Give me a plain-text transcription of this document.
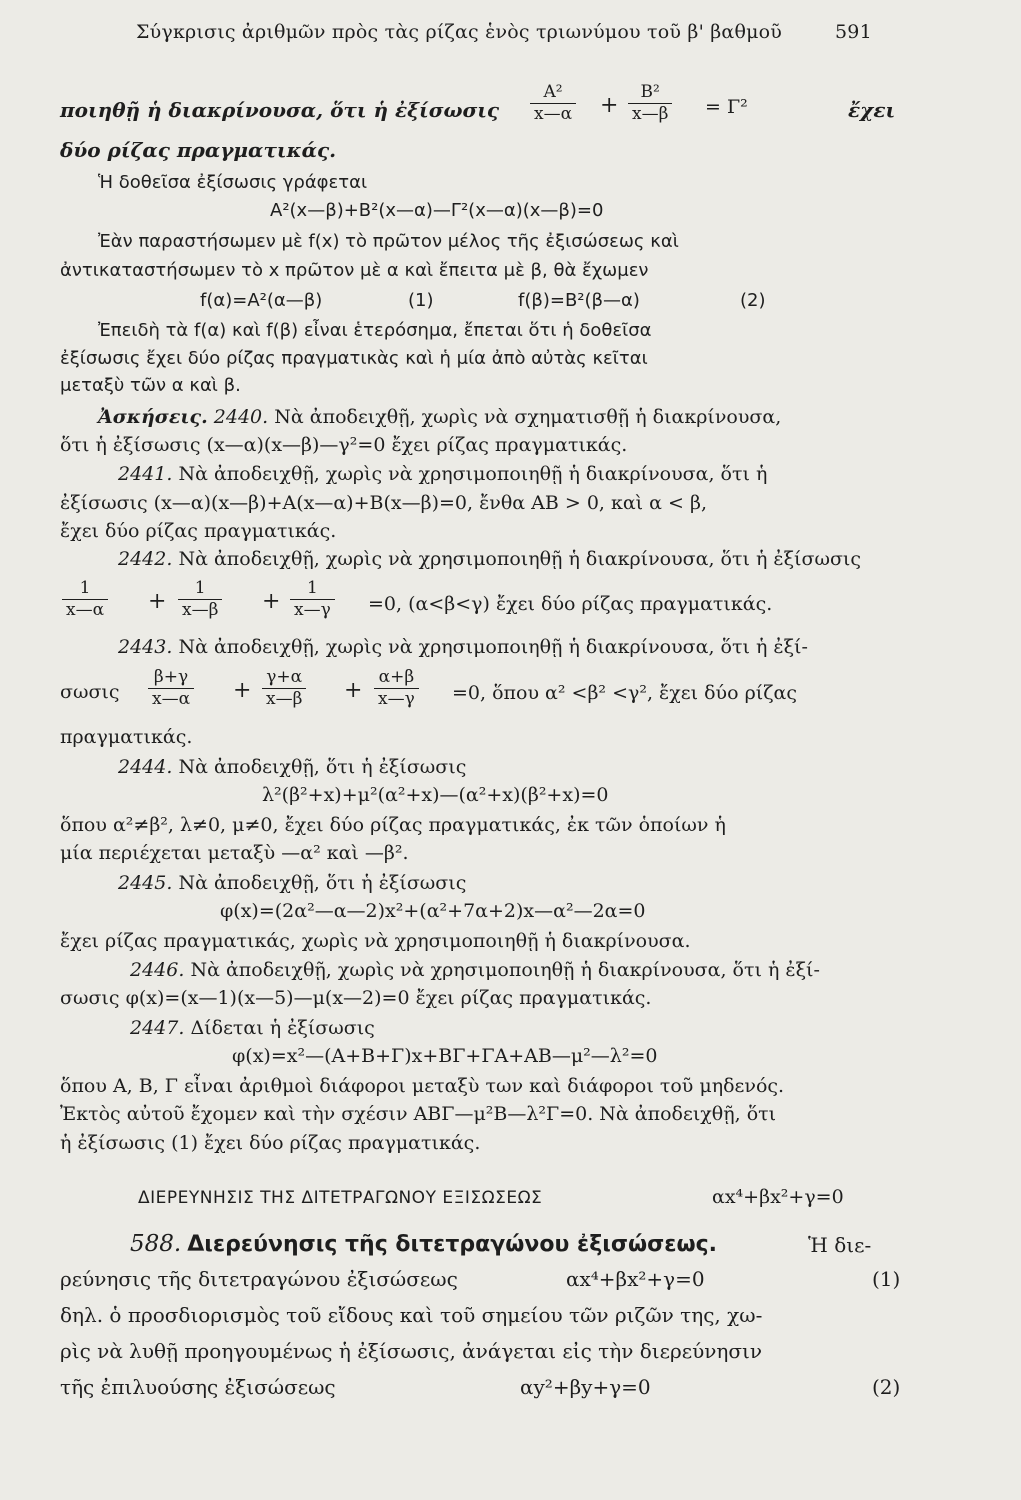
Σύγκρισις ἀριθμῶν πρὸς τὰς ρίζας ἑνὸς τριωνύμου τοῦ β' βαθμοῦ	591
ποιηθῇ ἡ διακρίνουσα, ὅτι ἡ ἐξίσωσις $\frac{\text{A²}}{x—\alpha} + \frac{\text{B²}}{x—\beta} = \Gamma^2$	ἔχει
δύο ρίζας πραγματικάς.
Ἡ δοθεῖσα ἐξίσωσις γράφεται
A²(x—β)+B²(x—α)—Γ²(x—α)(x—β)=0
Ἐὰν παραστήσωμεν μὲ f(x) τὸ πρῶτον μέλος τῆς ἐξισώσεως καὶ
ἀντικαταστήσωμεν τὸ x πρῶτον μὲ α καὶ ἔπειτα μὲ β, θὰ ἔχωμεν
f(α)=A²(α—β)	(1)	f(β)=B²(β—α)	(2)
Ἐπειδὴ τὰ f(α) καὶ f(β) εἶναι ἑτερόσημα, ἔπεται ὅτι ἡ δοθεῖσα
ἐξίσωσις ἔχει δύο ρίζας πραγματικὰς καὶ ἡ μία ἀπὸ αὐτὰς κεῖται
μεταξὺ τῶν α καὶ β.
Ἀσκήσεις. 2440. Νὰ ἀποδειχθῇ, χωρὶς νὰ σχηματισθῇ ἡ διακρίνουσα,
ὅτι ἡ ἐξίσωσις (x—α)(x—β)—γ²=0 ἔχει ρίζας πραγματικάς.
2441. Νὰ ἀποδειχθῇ, χωρὶς νὰ χρησιμοποιηθῇ ἡ διακρίνουσα, ὅτι ἡ
ἐξίσωσις (x—α)(x—β)+A(x—α)+B(x—β)=0, ἔνθα AB > 0, καὶ α < β,
ἔχει δύο ρίζας πραγματικάς.
2442. Νὰ ἀποδειχθῇ, χωρὶς νὰ χρησιμοποιηθῇ ἡ διακρίνουσα, ὅτι ἡ ἐξίσωσις
$\frac{1}{x—\alpha} + \frac{1}{x—\beta} + \frac{1}{x—\gamma} =0$, (α<β<γ) ἔχει δύο ρίζας πραγματικάς.
2443. Νὰ ἀποδειχθῇ, χωρὶς νὰ χρησιμοποιηθῇ ἡ διακρίνουσα, ὅτι ἡ ἐξί-
σωσις $\frac{\beta+\gamma}{x—\alpha} + \frac{\gamma+\alpha}{x—\beta} + \frac{\alpha+\beta}{x—\gamma} =0$, ὅπου α² <β² <γ², ἔχει δύο ρίζας
πραγματικάς.
2444. Νὰ ἀποδειχθῇ, ὅτι ἡ ἐξίσωσις
λ²(β²+x)+μ²(α²+x)—(α²+x)(β²+x)=0
ὅπου α²≠β², λ≠0, μ≠0, ἔχει δύο ρίζας πραγματικάς, ἐκ τῶν ὁποίων ἡ
μία περιέχεται μεταξὺ —α² καὶ —β².
2445. Νὰ ἀποδειχθῇ, ὅτι ἡ ἐξίσωσις
φ(x)=(2α²—α—2)x²+(α²+7α+2)x—α²—2α=0
ἔχει ρίζας πραγματικάς, χωρὶς νὰ χρησιμοποιηθῇ ἡ διακρίνουσα.
2446. Νὰ ἀποδειχθῇ, χωρὶς νὰ χρησιμοποιηθῇ ἡ διακρίνουσα, ὅτι ἡ ἐξί-
σωσις φ(x)=(x—1)(x—5)—μ(x—2)=0 ἔχει ρίζας πραγματικάς.
2447. Δίδεται ἡ ἐξίσωσις
φ(x)=x²—(A+B+Γ)x+BΓ+ΓA+AB—μ²—λ²=0
ὅπου A, B, Γ εἶναι ἀριθμοὶ διάφοροι μεταξὺ των καὶ διάφοροι τοῦ μηδενός.
Ἐκτὸς αὐτοῦ ἔχομεν καὶ τὴν σχέσιν ABΓ—μ²B—λ²Γ=0. Νὰ ἀποδειχθῇ, ὅτι
ἡ ἐξίσωσις (1) ἔχει δύο ρίζας πραγματικάς.
ΔΙΕΡΕΥΝΗΣΙΣ ΤΗΣ ΔΙΤΕΤΡΑΓΩΝΟΥ ΕΞΙΣΩΣΕΩΣ	αx⁴+βx²+γ=0
588. Διερεύνησις τῆς διτετραγώνου ἐξισώσεως.	Ἡ διε-
ρεύνησις τῆς διτετραγώνου ἐξισώσεως	αx⁴+βx²+γ=0	(1)
δηλ. ὁ προσδιορισμὸς τοῦ εἴδους καὶ τοῦ σημείου τῶν ριζῶν της, χω-
ρὶς νὰ λυθῇ προηγουμένως ἡ ἐξίσωσις, ἀνάγεται εἰς τὴν διερεύνησιν
τῆς ἐπιλυούσης ἐξισώσεως	αy²+βy+γ=0	(2)
